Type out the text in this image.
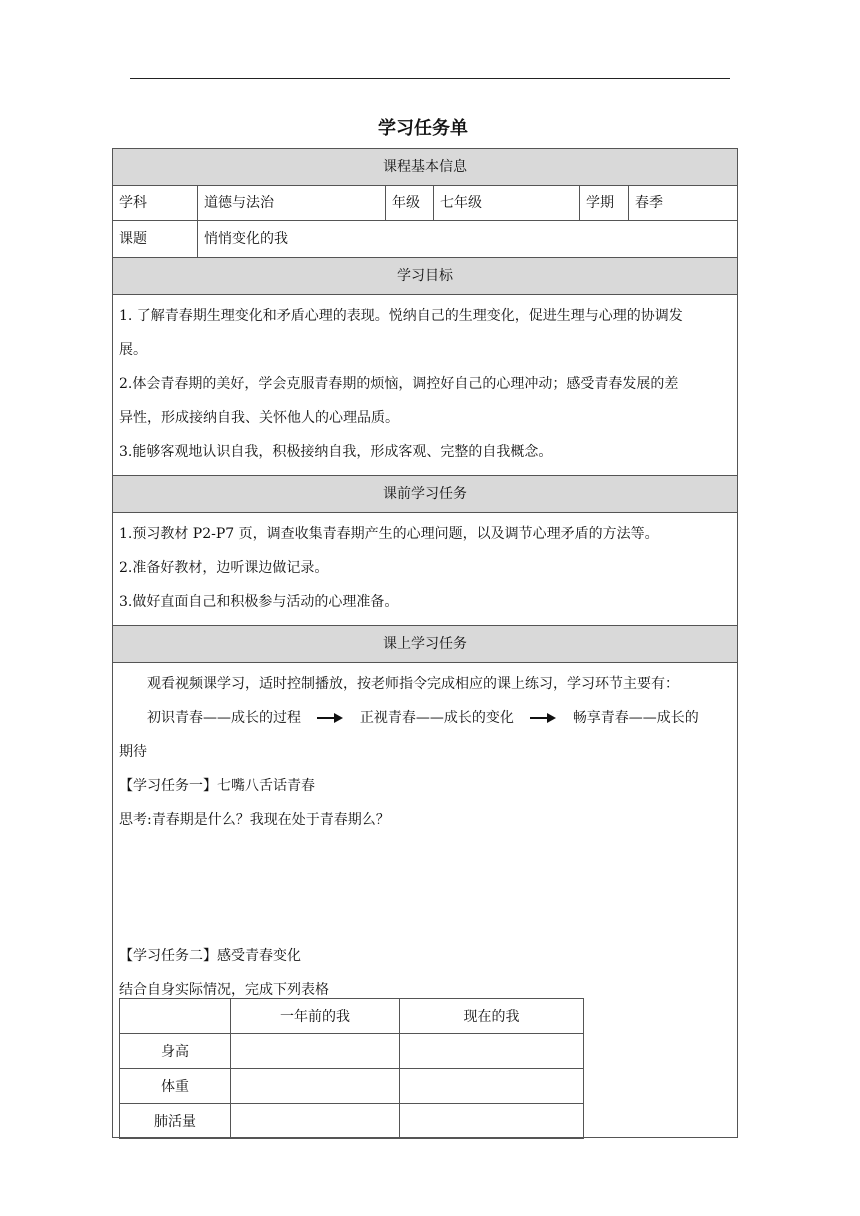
学习任务单
课程基本信息
学科	道德与法治	年级	七年级	学期	春季
课题	悄悄变化的我
学习目标

1. 了解青春期生理变化和矛盾心理的表现。悦纳自己的生理变化，促进生理与心理的协调发

展。

2.体会青春期的美好，学会克服青春期的烦恼，调控好自己的心理冲动；感受青春发展的差

异性，形成接纳自我、关怀他人的心理品质。

3.能够客观地认识自我，积极接纳自我，形成客观、完整的自我概念。

课前学习任务

1.预习教材 P2-P7 页，调查收集青春期产生的心理问题，以及调节心理矛盾的方法等。

2.准备好教材，边听课边做记录。

3.做好直面自己和积极参与活动的心理准备。

课上学习任务

观看视频课学习，适时控制播放，按老师指令完成相应的课上练习，学习环节主要有：

初识青春——成长的过程	正视青春——成长的变化	畅享青春——成长的

期待

【学习任务一】七嘴八舌话青春

思考:青春期是什么？我现在处于青春期么？

【学习任务二】感受青春变化

结合自身实际情况，完成下列表格

	一年前的我	现在的我
身高		
体重		
肺活量		
